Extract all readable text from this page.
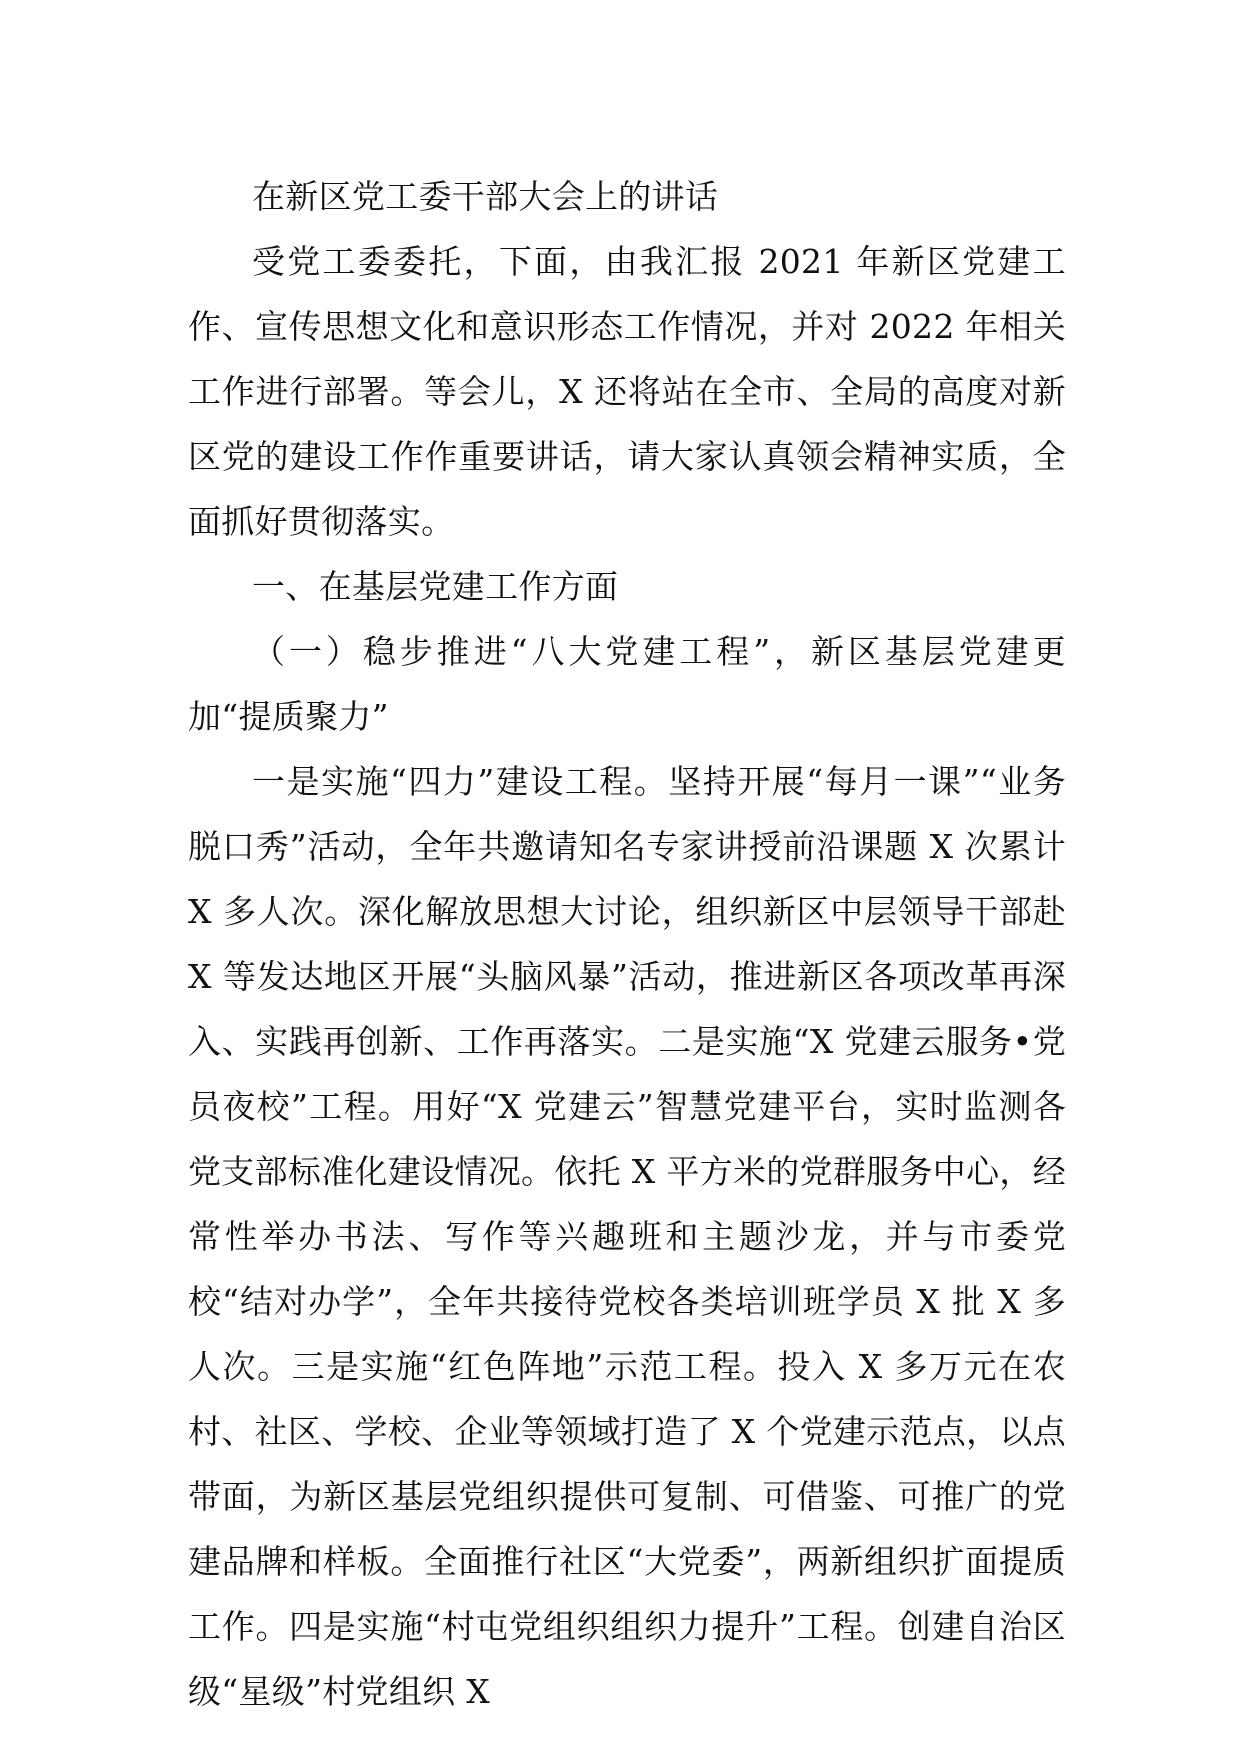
在新区党工委干部大会上的讲话

受党工委委托，下面，由我汇报 2021 年新区党建工作、宣传思想文化和意识形态工作情况，并对 2022 年相关工作进行部署。等会儿，X 还将站在全市、全局的高度对新区党的建设工作作重要讲话，请大家认真领会精神实质，全面抓好贯彻落实。

一、在基层党建工作方面

（一）稳步推进“八大党建工程”，新区基层党建更加“提质聚力”

一是实施“四力”建设工程。坚持开展“每月一课”“业务脱口秀”活动，全年共邀请知名专家讲授前沿课题 X 次累计 X 多人次。深化解放思想大讨论，组织新区中层领导干部赴 X 等发达地区开展“头脑风暴”活动，推进新区各项改革再深入、实践再创新、工作再落实。二是实施“X 党建云服务•党员夜校”工程。用好“X 党建云”智慧党建平台，实时监测各党支部标准化建设情况。依托 X 平方米的党群服务中心，经常性举办书法、写作等兴趣班和主题沙龙，并与市委党校“结对办学”，全年共接待党校各类培训班学员 X 批 X 多人次。三是实施“红色阵地”示范工程。投入 X 多万元在农村、社区、学校、企业等领域打造了 X 个党建示范点，以点带面，为新区基层党组织提供可复制、可借鉴、可推广的党建品牌和样板。全面推行社区“大党委”，两新组织扩面提质工作。四是实施“村屯党组织组织力提升”工程。创建自治区级“星级”村党组织 X
